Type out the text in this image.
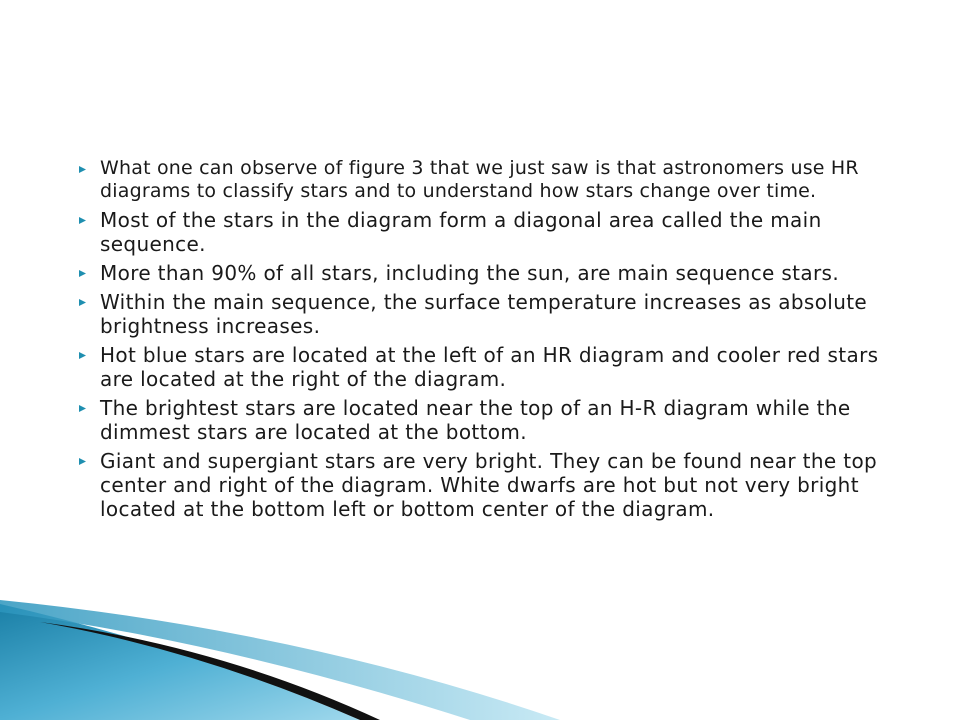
What one can observe of figure 3 that we just saw is that astronomers use HR diagrams to classify stars and to understand how stars change over time.
Most of the stars in the diagram form a diagonal area called the main sequence.
More than 90% of all stars, including the sun, are main sequence stars.
Within the main sequence, the surface temperature increases as absolute brightness increases.
Hot blue stars are located at the left of an HR diagram and cooler red stars are located at the right of the diagram.
The brightest stars are located near the top of an H-R diagram while the dimmest stars are located at the bottom.
Giant and supergiant stars are very bright. They can be found near the top center and right of the diagram. White dwarfs are hot but not very bright located at the bottom left or bottom center of the diagram.
